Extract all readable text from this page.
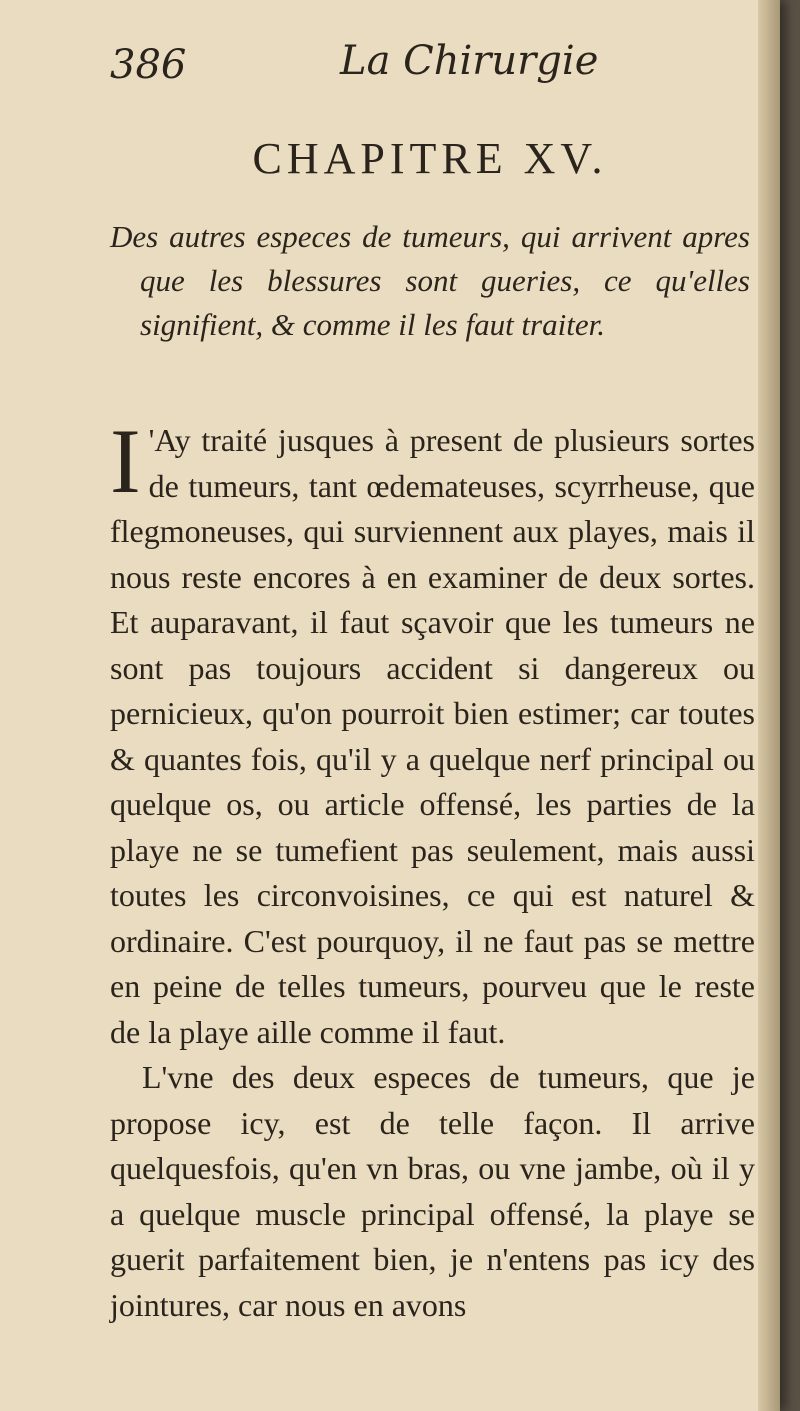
386	La Chirurgie
CHAPITRE XV.
Des autres especes de tumeurs, qui arrivent apres que les blessures sont gueries, ce qu'elles signifient, & comme il les faut traiter.

I 'Ay traité jusques à present de plusieurs sortes de tumeurs, tant œdemateuses, scyrrheuse, que flegmoneuses, qui surviennent aux playes, mais il nous reste encores à en examiner de deux sortes. Et auparavant, il faut sçavoir que les tumeurs ne sont pas toujours accident si dangereux ou pernicieux, qu'on pourroit bien estimer; car toutes & quantes fois, qu'il y a quelque nerf principal ou quelque os, ou article offensé, les parties de la playe ne se tumefient pas seulement, mais aussi toutes les circonvoisines, ce qui est naturel & ordinaire. C'est pourquoy, il ne faut pas se mettre en peine de telles tumeurs, pourveu que le reste de la playe aille comme il faut.

L'vne des deux especes de tumeurs, que je propose icy, est de telle façon. Il arrive quelquesfois, qu'en vn bras, ou vne jambe, où il y a quelque muscle principal offensé, la playe se guerit parfaitement bien, je n'entens pas icy des jointures, car nous en avons
